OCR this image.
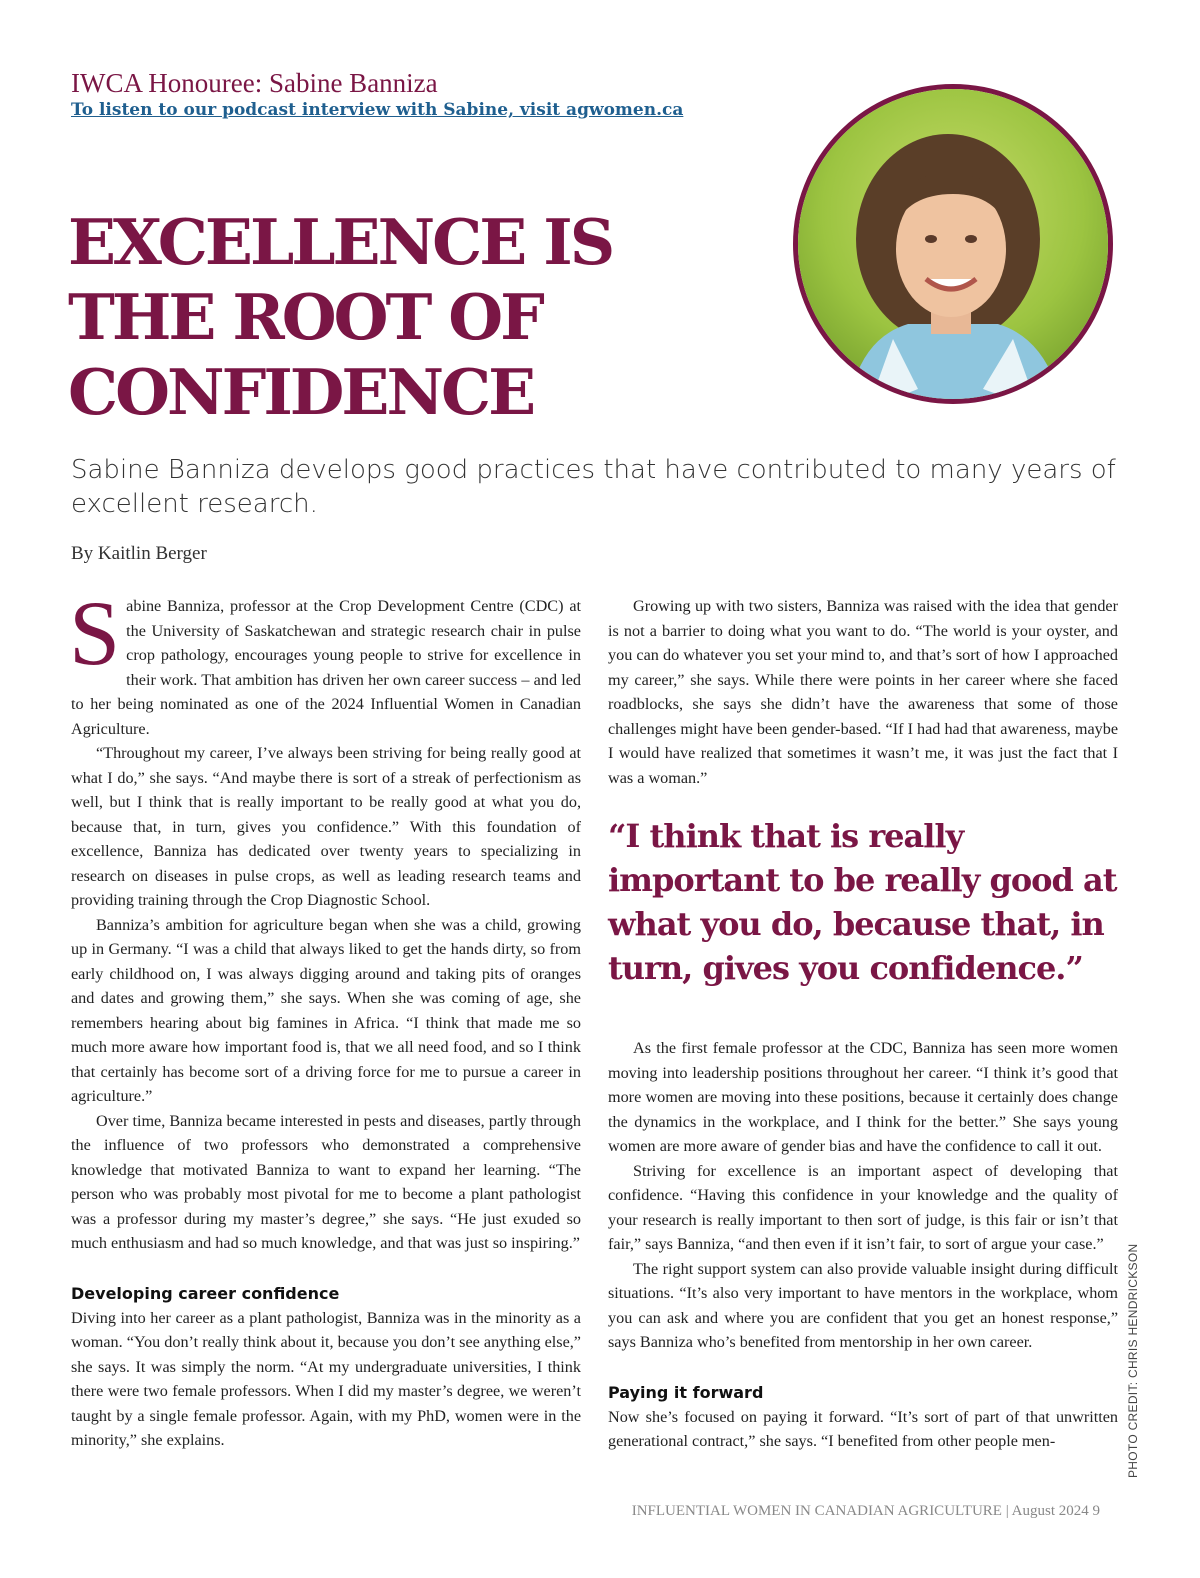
IWCA Honouree: Sabine Banniza
To listen to our podcast interview with Sabine, visit agwomen.ca
EXCELLENCE IS
THE ROOT OF
CONFIDENCE

Sabine Banniza develops good practices that have contributed to many years of excellent research.

By Kaitlin Berger

Sabine Banniza, professor at the Crop Development Centre (CDC) at the University of Saskatchewan and strategic research chair in pulse crop pathology, encourages young people to strive for excellence in their work. That ambition has driven her own career success – and led to her being nominated as one of the 2024 Influential Women in Canadian Agriculture.

“Throughout my career, I’ve always been striving for being really good at what I do,” she says. “And maybe there is sort of a streak of perfectionism as well, but I think that is really important to be really good at what you do, because that, in turn, gives you confidence.” With this foundation of excellence, Banniza has dedicated over twenty years to specializing in research on diseases in pulse crops, as well as leading research teams and providing training through the Crop Diagnostic School.

Banniza’s ambition for agriculture began when she was a child, growing up in Germany. “I was a child that always liked to get the hands dirty, so from early childhood on, I was always digging around and taking pits of oranges and dates and growing them,” she says. When she was coming of age, she remembers hearing about big famines in Africa. “I think that made me so much more aware how important food is, that we all need food, and so I think that certainly has become sort of a driving force for me to pursue a career in agriculture.”

Over time, Banniza became interested in pests and diseases, partly through the influence of two professors who demonstrated a comprehensive knowledge that motivated Banniza to want to expand her learning. “The person who was probably most pivotal for me to become a plant pathologist was a professor during my master’s degree,” she says. “He just exuded so much enthusiasm and had so much knowledge, and that was just so inspiring.”

Developing career confidence

Diving into her career as a plant pathologist, Banniza was in the minority as a woman. “You don’t really think about it, because you don’t see anything else,” she says. It was simply the norm. “At my undergraduate universities, I think there were two female professors. When I did my master’s degree, we weren’t taught by a single female professor. Again, with my PhD, women were in the minority,” she explains.

Growing up with two sisters, Banniza was raised with the idea that gender is not a barrier to doing what you want to do. “The world is your oyster, and you can do whatever you set your mind to, and that’s sort of how I approached my career,” she says. While there were points in her career where she faced roadblocks, she says she didn’t have the awareness that some of those challenges might have been gender-based. “If I had had that awareness, maybe I would have realized that sometimes it wasn’t me, it was just the fact that I was a woman.”

“I think that is really important to be really good at what you do, because that, in turn, gives you confidence.”

As the first female professor at the CDC, Banniza has seen more women moving into leadership positions throughout her career. “I think it’s good that more women are moving into these positions, because it certainly does change the dynamics in the workplace, and I think for the better.” She says young women are more aware of gender bias and have the confidence to call it out.

Striving for excellence is an important aspect of developing that confidence. “Having this confidence in your knowledge and the quality of your research is really important to then sort of judge, is this fair or isn’t that fair,” says Banniza, “and then even if it isn’t fair, to sort of argue your case.”

The right support system can also provide valuable insight during difficult situations. “It’s also very important to have mentors in the workplace, whom you can ask and where you are confident that you get an honest response,” says Banniza who’s benefited from mentorship in her own career.

Paying it forward

Now she’s focused on paying it forward. “It’s sort of part of that unwritten generational contract,” she says. “I benefited from other people men-	PHOTO CREDIT: CHRIS HENDRICKSON
INFLUENTIAL WOMEN IN CANADIAN AGRICULTURE | August 2024 9
